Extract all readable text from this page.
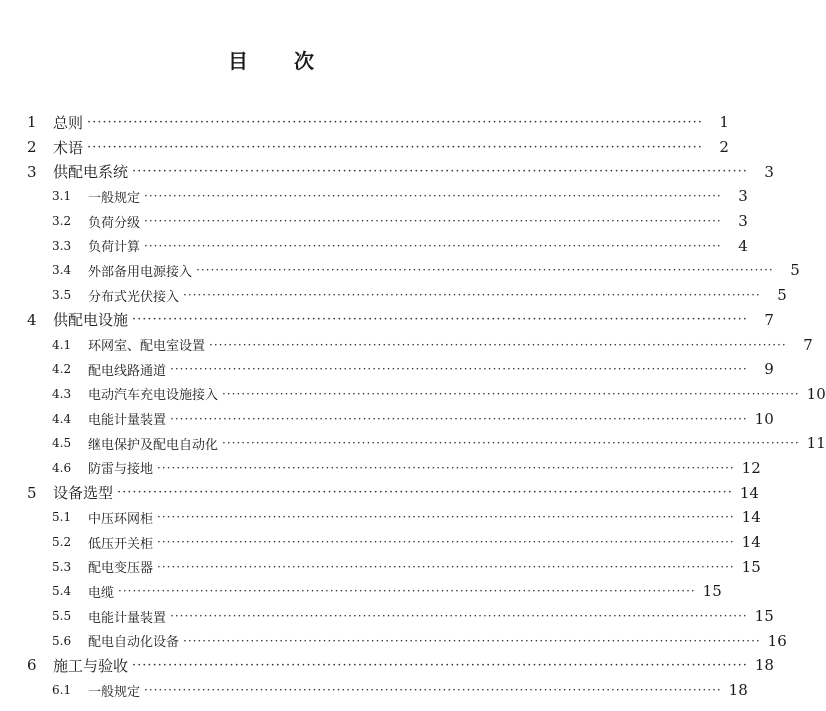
目 次
1	总则 ························································································································	1
2	术语 ························································································································	2
3	供配电系统 ························································································································	3
3.1	一般规定 ························································································································	3
3.2	负荷分级 ························································································································	3
3.3	负荷计算 ························································································································	4
3.4	外部备用电源接入 ························································································································	5
3.5	分布式光伏接入 ························································································································	5
4	供配电设施 ························································································································	7
4.1	环网室、配电室设置 ························································································································	7
4.2	配电线路通道 ························································································································	9
4.3	电动汽车充电设施接入 ························································································································ 10
4.4	电能计量装置 ························································································································ 10
4.5	继电保护及配电自动化 ························································································································ 11
4.6	防雷与接地 ························································································································ 12
5	设备选型 ························································································································ 14
5.1	中压环网柜 ························································································································ 14
5.2	低压开关柜 ························································································································ 14
5.3	配电变压器 ························································································································ 15
5.4	电缆 ························································································································ 15
5.5	电能计量装置 ························································································································ 15
5.6	配电自动化设备 ························································································································ 16
6	施工与验收 ························································································································ 18
6.1	一般规定 ························································································································ 18
